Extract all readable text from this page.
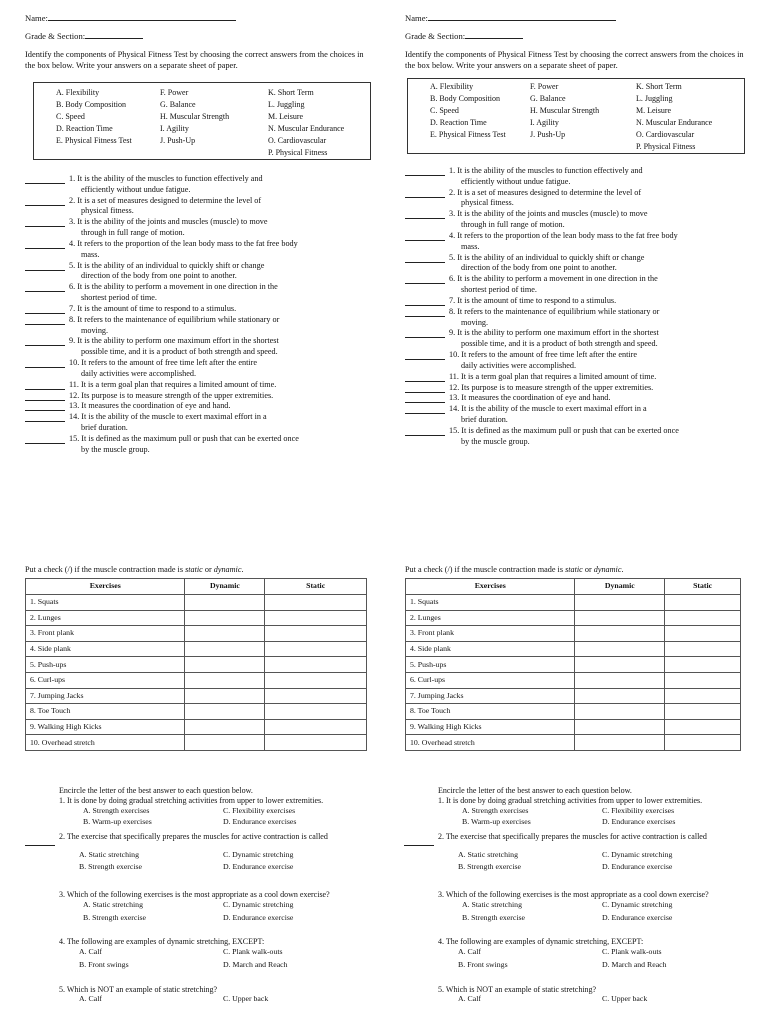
Name:
Grade & Section:
Identify the components of Physical Fitness Test by choosing the correct answers from the choices in the box below. Write your answers on a separate sheet of paper.
A. Flexibility	F. Power	K. Short Term
B. Body Composition	G. Balance	L. Juggling
C. Speed	H. Muscular Strength	M. Leisure
D. Reaction Time	I. Agility	N. Muscular Endurance
E. Physical Fitness Test	J. Push-Up	O. Cardiovascular
P. Physical Fitness
1. It is the ability of the muscles to function effectively and
efficiently without undue fatigue.
2. It is a set of measures designed to determine the level of
physical fitness.
3. It is the ability of the joints and muscles (muscle) to move
through in full range of motion.
4. It refers to the proportion of the lean body mass to the fat free body
mass.
5. It is the ability of an individual to quickly shift or change
direction of the body from one point to another.
6. It is the ability to perform a movement in one direction in the
shortest period of time.
7. It is the amount of time to respond to a stimulus.
8. It refers to the maintenance of equilibrium while stationary or
moving.
9. It is the ability to perform one maximum effort in the shortest
possible time, and it is a product of both strength and speed.
10. It refers to the amount of free time left after the entire
daily activities were accomplished.
11. It is a term goal plan that requires a limited amount of time.
12. Its purpose is to measure strength of the upper extremities.
13. It measures the coordination of eye and hand.
14. It is the ability of the muscle to exert maximal effort in a
brief duration.
15. It is defined as the maximum pull or push that can be exerted once
by the muscle group.
Put a check (/) if the muscle contraction made is static or dynamic.
Exercises	Dynamic	Static
1. Squats		
2. Lunges		
3. Front plank		
4. Side plank		
5. Push-ups		
6. Curl-ups		
7. Jumping Jacks		
8. Toe Touch		
9. Walking High Kicks		
10. Overhead stretch		
Encircle the letter of the best answer to each question below.
1. It is done by doing gradual stretching activities from upper to lower extremities.
A. Strength exercises	C. Flexibility exercises
B. Warm-up exercises	D. Endurance exercises
2. The exercise that specifically prepares the muscles for active contraction is called
A. Static stretching	C. Dynamic stretching
B. Strength exercise	D. Endurance exercise
3. Which of the following exercises is the most appropriate as a cool down exercise?
A. Static stretching	C. Dynamic stretching
B. Strength exercise	D. Endurance exercise
4. The following are examples of dynamic stretching, EXCEPT:
A. Calf	C. Plank walk-outs
B. Front swings	D. March and Reach
5. Which is NOT an example of static stretching?
A. Calf	C. Upper back
Name:
Grade & Section:
Identify the components of Physical Fitness Test by choosing the correct answers from the choices in the box below. Write your answers on a separate sheet of paper.
A. Flexibility	F. Power	K. Short Term
B. Body Composition	G. Balance	L. Juggling
C. Speed	H. Muscular Strength	M. Leisure
D. Reaction Time	I. Agility	N. Muscular Endurance
E. Physical Fitness Test	J. Push-Up	O. Cardiovascular
P. Physical Fitness
1. It is the ability of the muscles to function effectively and
efficiently without undue fatigue.
2. It is a set of measures designed to determine the level of
physical fitness.
3. It is the ability of the joints and muscles (muscle) to move
through in full range of motion.
4. It refers to the proportion of the lean body mass to the fat free body
mass.
5. It is the ability of an individual to quickly shift or change
direction of the body from one point to another.
6. It is the ability to perform a movement in one direction in the
shortest period of time.
7. It is the amount of time to respond to a stimulus.
8. It refers to the maintenance of equilibrium while stationary or
moving.
9. It is the ability to perform one maximum effort in the shortest
possible time, and it is a product of both strength and speed.
10. It refers to the amount of free time left after the entire
daily activities were accomplished.
11. It is a term goal plan that requires a limited amount of time.
12. Its purpose is to measure strength of the upper extremities.
13. It measures the coordination of eye and hand.
14. It is the ability of the muscle to exert maximal effort in a
brief duration.
15. It is defined as the maximum pull or push that can be exerted once
by the muscle group.
Put a check (/) if the muscle contraction made is static or dynamic.
Exercises	Dynamic	Static
1. Squats		
2. Lunges		
3. Front plank		
4. Side plank		
5. Push-ups		
6. Curl-ups		
7. Jumping Jacks		
8. Toe Touch		
9. Walking High Kicks		
10. Overhead stretch		
Encircle the letter of the best answer to each question below.
1. It is done by doing gradual stretching activities from upper to lower extremities.
A. Strength exercises	C. Flexibility exercises
B. Warm-up exercises	D. Endurance exercises
2. The exercise that specifically prepares the muscles for active contraction is called
A. Static stretching	C. Dynamic stretching
B. Strength exercise	D. Endurance exercise
3. Which of the following exercises is the most appropriate as a cool down exercise?
A. Static stretching	C. Dynamic stretching
B. Strength exercise	D. Endurance exercise
4. The following are examples of dynamic stretching, EXCEPT:
A. Calf	C. Plank walk-outs
B. Front swings	D. March and Reach
5. Which is NOT an example of static stretching?
A. Calf	C. Upper back
